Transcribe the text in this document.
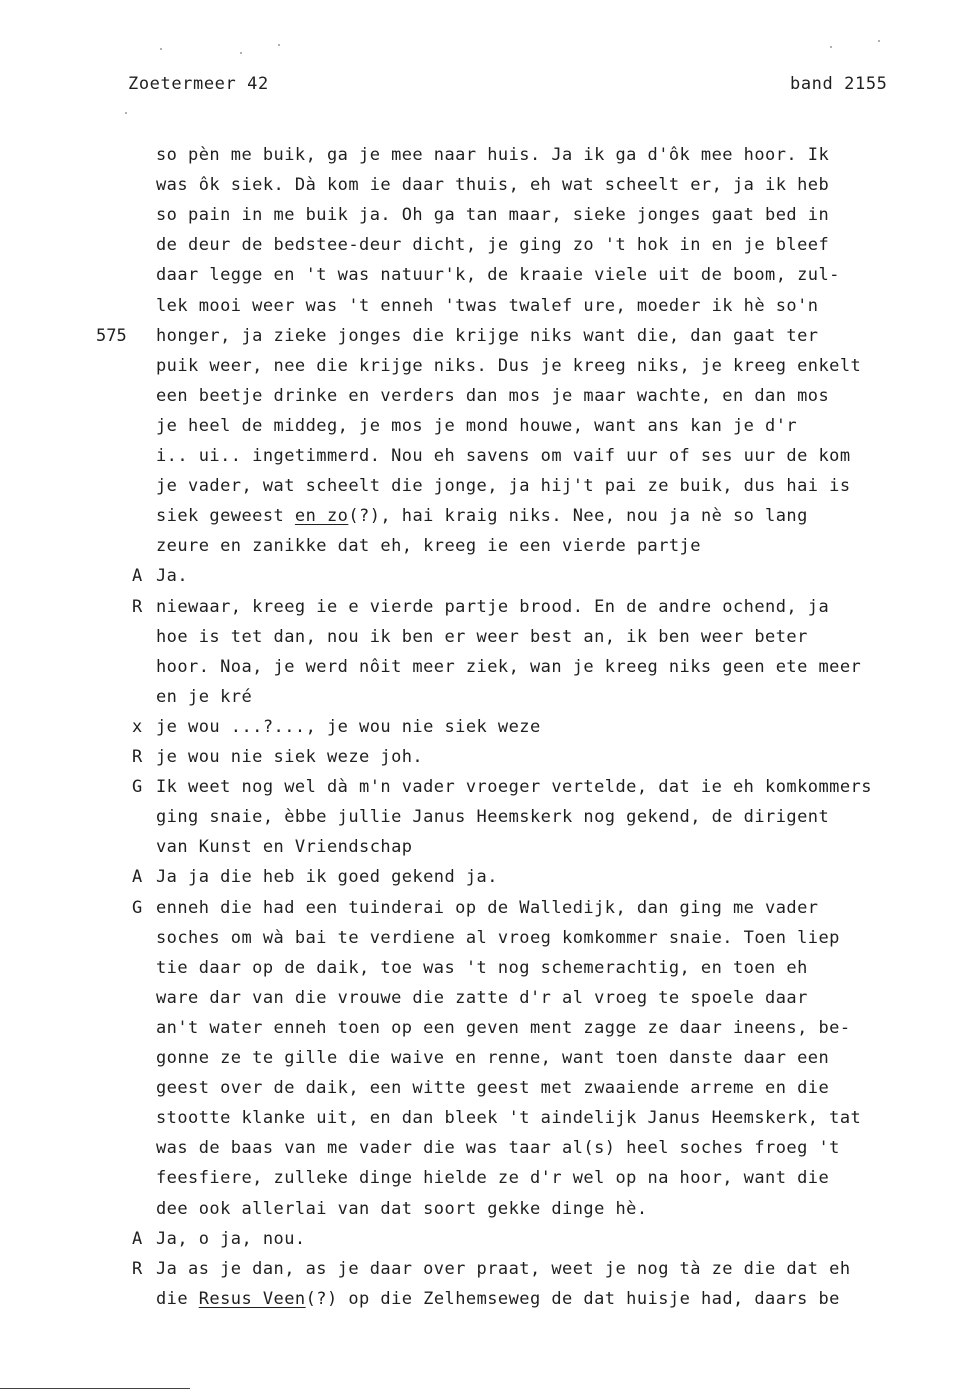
Zoetermeer 42	band 2155
575
so pèn me buik, ga je mee naar huis. Ja ik ga d'ôk mee hoor. Ik
was ôk siek. Dà kom ie daar thuis, eh wat scheelt er, ja ik heb
so pain in me buik ja. Oh ga tan maar, sieke jonges gaat bed in
de deur de bedstee-deur dicht, je ging zo 't hok in en je bleef
daar legge en 't was natuur'k, de kraaie viele uit de boom, zul-
lek mooi weer was 't enneh 'twas twalef ure, moeder ik hè so'n
honger, ja zieke jonges die krijge niks want die, dan gaat ter
puik weer, nee die krijge niks. Dus je kreeg niks, je kreeg enkelt
een beetje drinke en verders dan mos je maar wachte, en dan mos
je heel de middeg, je mos je mond houwe, want ans kan je d'r
i.. ui.. ingetimmerd. Nou eh savens om vaif uur of ses uur de kom
je vader, wat scheelt die jonge, ja hij't pai ze buik, dus hai is
siek geweest en zo(?), hai kraig niks. Nee, nou ja nè so lang
zeure en zanikke dat eh, kreeg ie een vierde partje
A Ja.
R niewaar, kreeg ie e vierde partje brood. En de andre ochend, ja
hoe is tet dan, nou ik ben er weer best an, ik ben weer beter
hoor. Noa, je werd nôit meer ziek, wan je kreeg niks geen ete meer
en je kré
x je wou ...?..., je wou nie siek weze
R je wou nie siek weze joh.
G Ik weet nog wel dà m'n vader vroeger vertelde, dat ie eh komkommers
ging snaie, èbbe jullie Janus Heemskerk nog gekend, de dirigent
van Kunst en Vriendschap
A Ja ja die heb ik goed gekend ja.
G enneh die had een tuinderai op de Walledijk, dan ging me vader
soches om wà bai te verdiene al vroeg komkommer snaie. Toen liep
tie daar op de daik, toe was 't nog schemerachtig, en toen eh
ware dar van die vrouwe die zatte d'r al vroeg te spoele daar
an't water enneh toen op een geven ment zagge ze daar ineens, be-
gonne ze te gille die waive en renne, want toen danste daar een
geest over de daik, een witte geest met zwaaiende arreme en die
stootte klanke uit, en dan bleek 't aindelijk Janus Heemskerk, tat
was de baas van me vader die was taar al(s) heel soches froeg 't
feesfiere, zulleke dinge hielde ze d'r wel op na hoor, want die
dee ook allerlai van dat soort gekke dinge hè.
A Ja, o ja, nou.
R Ja as je dan, as je daar over praat, weet je nog tà ze die dat eh
die Resus Veen(?) op die Zelhemseweg de dat huisje had, daars be
